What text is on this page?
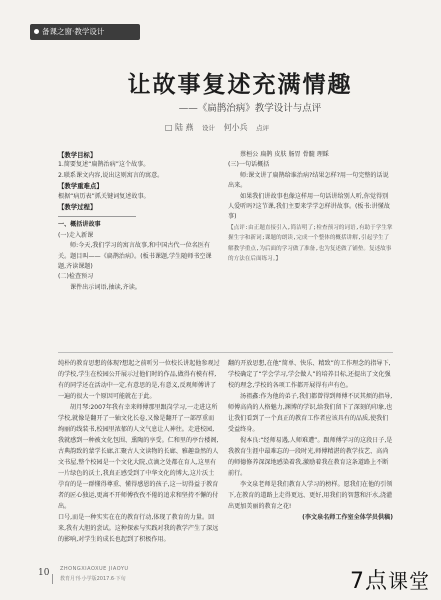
备课之窗·教学设计
让故事复述充满情趣
——《扁鹊治病》教学设计与点评
□ 陆 燕 设计 何小兵 点评

【教学目标】

1.简要复述“扁鹊治病”这个故事。

2.联系课文内容,说出这则寓言的寓意。

【教学重难点】

根据“病历表”抓关键词复述故事。

【教学过程】

一、概括讲故事

(一)走入新课

师:今天,我们学习的寓言故事,和中国古代一位名医有关。题目叫——《扁鹊治病》。(板书课题,学生随师书空课题,齐读课题)

(二)检查预习

课件出示词语,抽读,齐读。

蔡桓公 扁鹊 皮肤 肠胃 骨髓 理睬

(三)一句话概括

师:课文讲了扁鹊给谁治病?结果怎样?用一句完整的话说出来。

如果我们讲故事也像这样用一句话讲给别人听,你觉得别人爱听吗?这节课,我们主要来学学怎样讲故事。(板书:讲懂故事)

【点评:由正题直接引入,简洁明了;检查预习的词语,有助于学生掌握生字和新词;课题的朗读,完成一个整体的概括讲解,引起学生了解教学重点,为后面的学习做了准备,也为复述做了铺垫。复述故事的方法在后面练习。】

纯朴的教育思想的体现?想起之前听另一位校长讲起他参观过的学校,学生在校园公开展示过他们时的作品,做得有模有样,有的同学还在活动中一定,有意思的是,有意义,反观师傅讲了一遍的很大一个原因可能就在于此。

胡月琴:2007年我有幸来师傅那里跟岗学习,一走进这所学校,就像是翻开了一轴文化长卷,又像是翻开了一部厚重而绚丽的线装书,校园里浓郁的人文气息让人神往。走进校园,我就感到一种被文化包围、熏陶的享受。仁和里的亭台楼阁,古典韵致的蒙学长廊,汇聚古人文读物的长廊、雅趣盎然的人文书屋,整个校园是一个文化大院,点滴之处都在育人,这里有一片绿色的沃土,我真正感受到了中华文化的博大,这片沃土孕育的是一群懂得尊重、懂得感恩的孩子,这一切得益于教育者的匠心独运,更离不开师傅孜孜不倦的追求和坚持不懈的付出。

口号,而是一种实实在在的教育行动,体现了教育的力量。回来,我有大胆的尝试。这种探索与实践对我的教学产生了深远的影响,对学生的成长也起到了积极作用。

翻的开放思想,在他“简单、快乐、精致”的工作理念的指导下,学校确定了“学会学习,学会做人”的培养目标,还提出了文化强校的理念,学校的各项工作都开展得有声有色。

汤祖鑫:作为他的弟子,我们都曾得到师傅不厌其烦的指导,师傅高尚的人格魅力,渊博的学识,给我们留下了深刻的印象,也让我们看到了一个真正的教育工作者应该具有的品质,使我们受益终身。

倪本良:“经师易遇,人师难遭”。跟师傅学习的这段日子,是我教育生涯中最难忘的一段时光,师傅精湛的教学技艺、高尚的师德修养深深地感染着我,激励着我在教育这条道路上不断前行。

李文泉老师是我们教育人学习的榜样。愿我们在他的引领下,在教育的道路上走得更远、更好,用我们的智慧和汗水,浇灌出更加美丽的教育之花!

(李文泉名师工作室全体学员供稿)

10 ZHONGXIAOXUE JIAOYU
教育月刊·小学版2017.6·下旬	7点课堂
